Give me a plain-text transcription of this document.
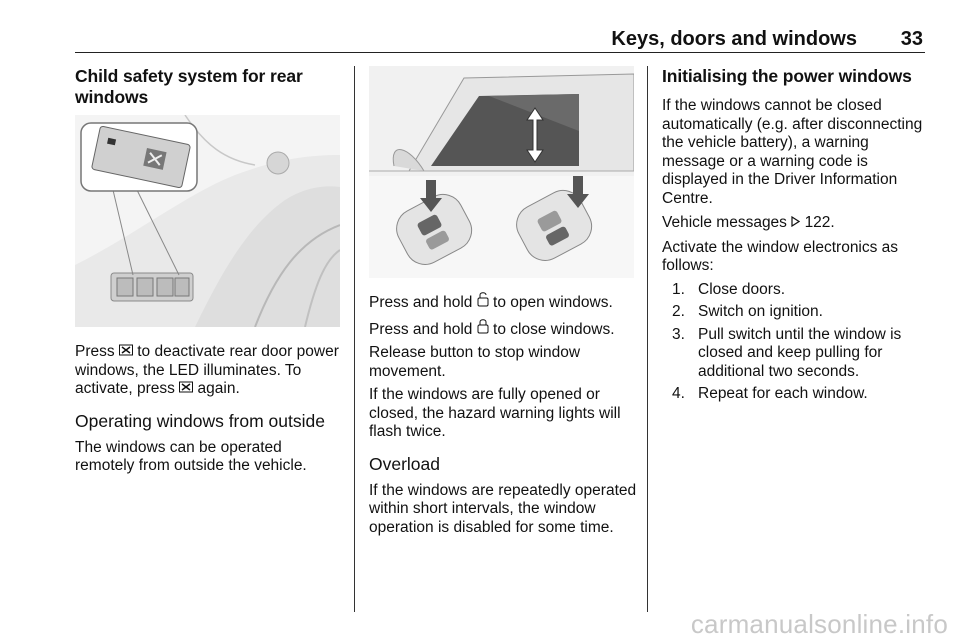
Keys, doors and windows 33
Child safety system for rear windows

Press  to deactivate rear door power windows, the LED illuminates. To activate, press  again.

Operating windows from outside

The windows can be operated remotely from outside the vehicle.

Press and hold  to open windows.

Press and hold  to close windows.

Release button to stop window movement.

If the windows are fully opened or closed, the hazard warning lights will flash twice.

Overload

If the windows are repeatedly operated within short intervals, the window operation is disabled for some time.

Initialising the power windows

If the windows cannot be closed automatically (e.g. after disconnecting the vehicle battery), a warning message or a warning code is displayed in the Driver Information Centre.

Vehicle messages  122.

Activate the window electronics as follows:

1. Close doors.
2. Switch on ignition.
3. Pull switch until the window is closed and keep pulling for additional two seconds.
4. Repeat for each window.
carmanualsonline.info
